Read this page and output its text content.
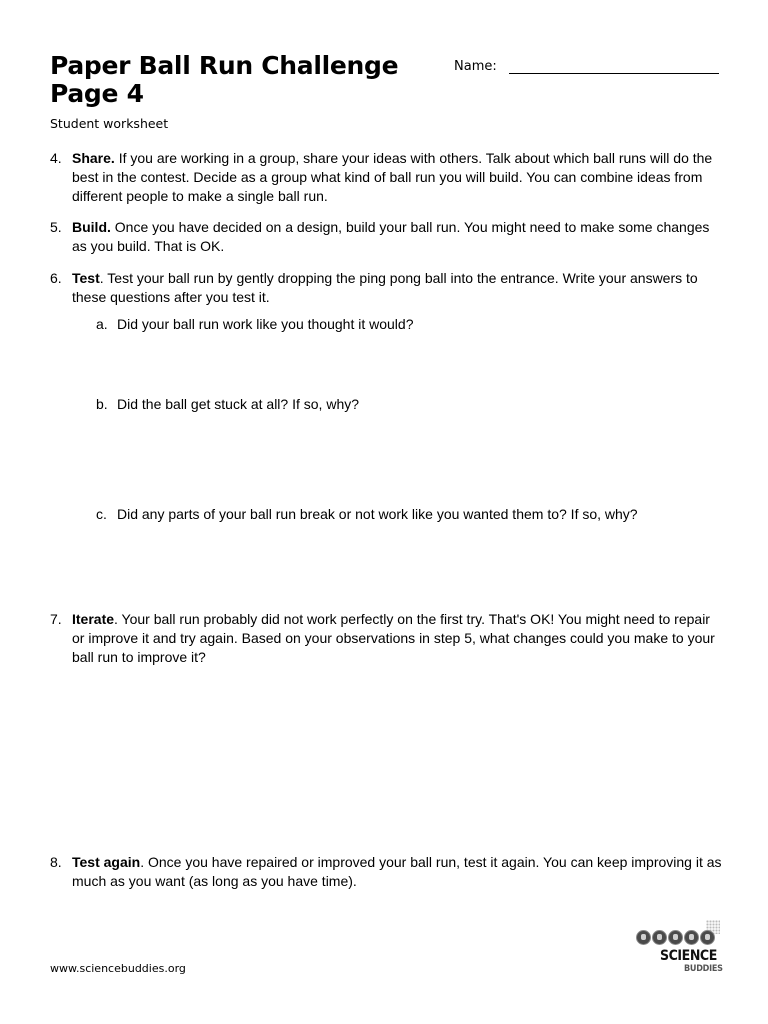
Paper Ball Run Challenge
Page 4
Student worksheet
Name:
4. Share. If you are working in a group, share your ideas with others. Talk about which ball runs will do the best in the contest. Decide as a group what kind of ball run you will build. You can combine ideas from different people to make a single ball run.
5. Build. Once you have decided on a design, build your ball run. You might need to make some changes as you build. That is OK.
6. Test. Test your ball run by gently dropping the ping pong ball into the entrance. Write your answers to these questions after you test it.
a. Did your ball run work like you thought it would?
b. Did the ball get stuck at all? If so, why?
c. Did any parts of your ball run break or not work like you wanted them to? If so, why?
7. Iterate. Your ball run probably did not work perfectly on the first try. That's OK! You might need to repair or improve it and try again. Based on your observations in step 5, what changes could you make to your ball run to improve it?
8. Test again. Once you have repaired or improved your ball run, test it again. You can keep improving it as much as you want (as long as you have time).
www.sciencebuddies.org
SCIENCE
BUDDIES
